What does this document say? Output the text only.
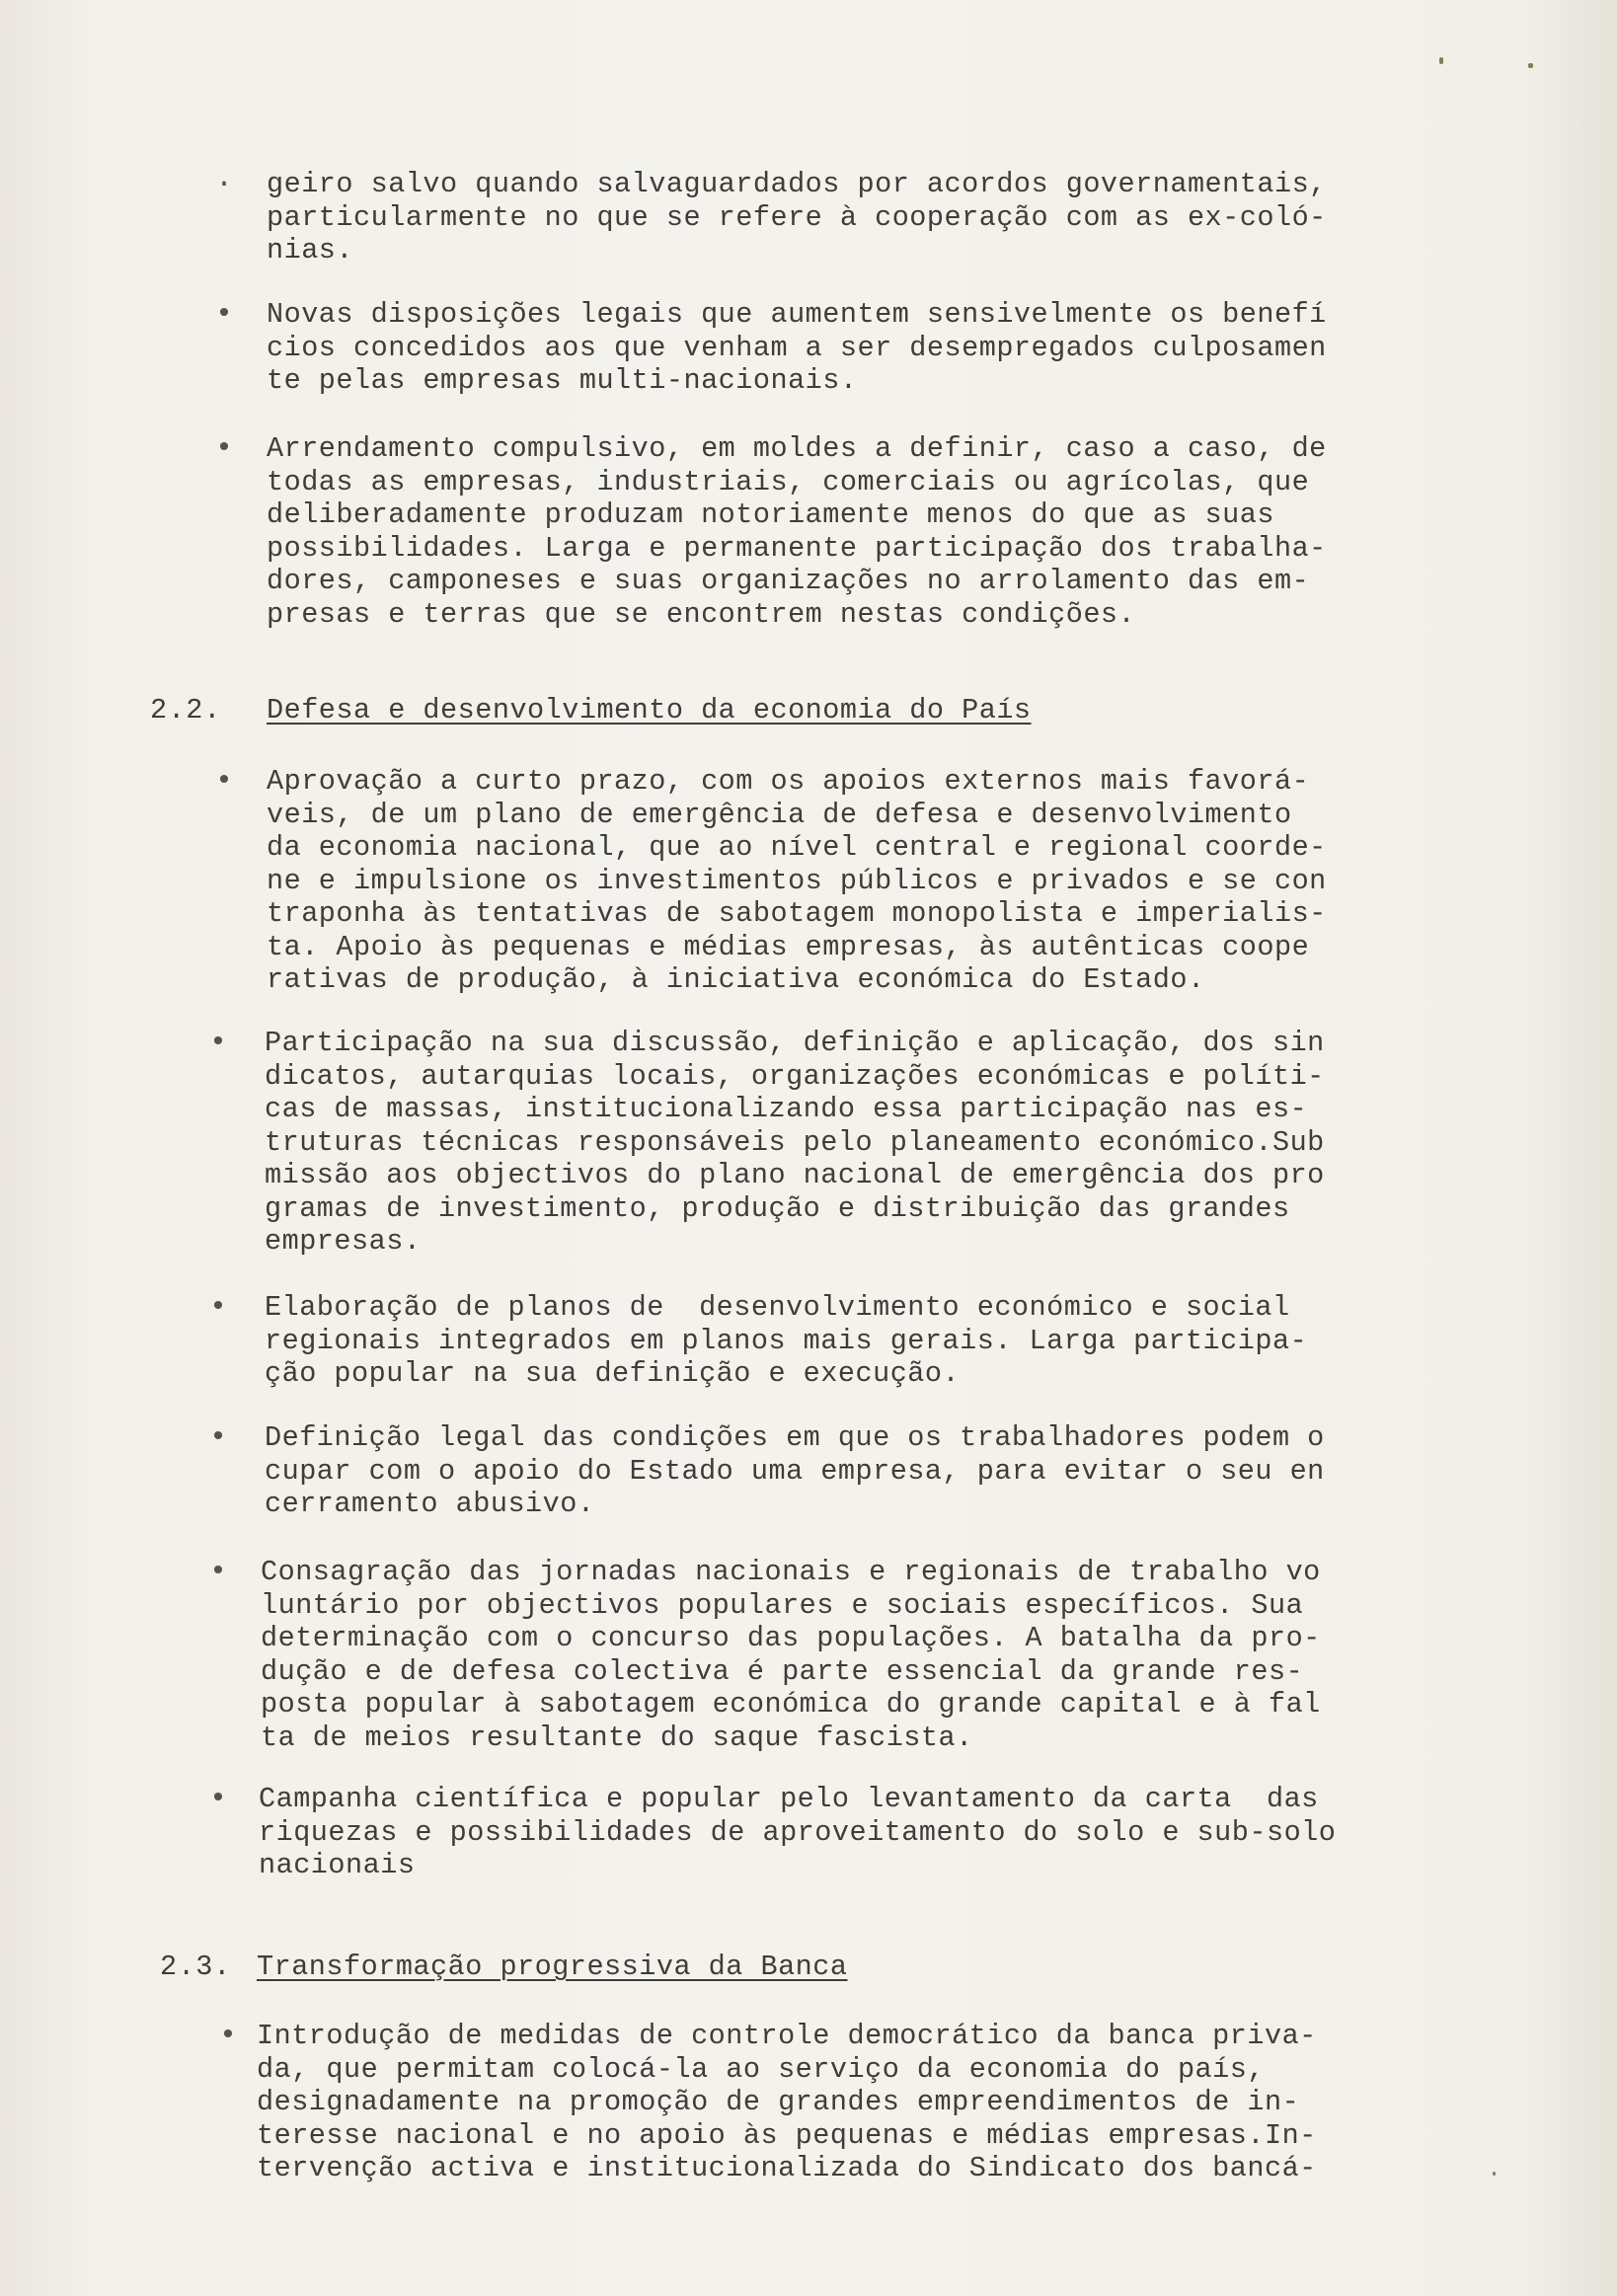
· geiro salvo quando salvaguardados por acordos governamentais,
particularmente no que se refere à cooperação com as ex-coló-
nias.
• Novas disposições legais que aumentem sensivelmente os benefí
cios concedidos aos que venham a ser desempregados culposamen
te pelas empresas multi-nacionais.
• Arrendamento compulsivo, em moldes a definir, caso a caso, de
todas as empresas, industriais, comerciais ou agrícolas, que
deliberadamente produzam notoriamente menos do que as suas
possibilidades. Larga e permanente participação dos trabalha-
dores, camponeses e suas organizações no arrolamento das em-
presas e terras que se encontrem nestas condições.
2.2. Defesa e desenvolvimento da economia do País
• Aprovação a curto prazo, com os apoios externos mais favorá-
veis, de um plano de emergência de defesa e desenvolvimento
da economia nacional, que ao nível central e regional coorde-
ne e impulsione os investimentos públicos e privados e se con
traponha às tentativas de sabotagem monopolista e imperialis-
ta. Apoio às pequenas e médias empresas, às autênticas coope
rativas de produção, à iniciativa económica do Estado.
• Participação na sua discussão, definição e aplicação, dos sin
dicatos, autarquias locais, organizações económicas e políti-
cas de massas, institucionalizando essa participação nas es-
truturas técnicas responsáveis pelo planeamento económico.Sub
missão aos objectivos do plano nacional de emergência dos pro
gramas de investimento, produção e distribuição das grandes
empresas.
• Elaboração de planos de  desenvolvimento económico e social
regionais integrados em planos mais gerais. Larga participa-
ção popular na sua definição e execução.
• Definição legal das condições em que os trabalhadores podem o
cupar com o apoio do Estado uma empresa, para evitar o seu en
cerramento abusivo.
• Consagração das jornadas nacionais e regionais de trabalho vo
luntário por objectivos populares e sociais específicos. Sua
determinação com o concurso das populações. A batalha da pro-
dução e de defesa colectiva é parte essencial da grande res-
posta popular à sabotagem económica do grande capital e à fal
ta de meios resultante do saque fascista.
• Campanha científica e popular pelo levantamento da carta  das
riquezas e possibilidades de aproveitamento do solo e sub-solo
nacionais
2.3. Transformação progressiva da Banca
• Introdução de medidas de controle democrático da banca priva-
da, que permitam colocá-la ao serviço da economia do país,
designadamente na promoção de grandes empreendimentos de in-
teresse nacional e no apoio às pequenas e médias empresas.In-
tervenção activa e institucionalizada do Sindicato dos bancá-
